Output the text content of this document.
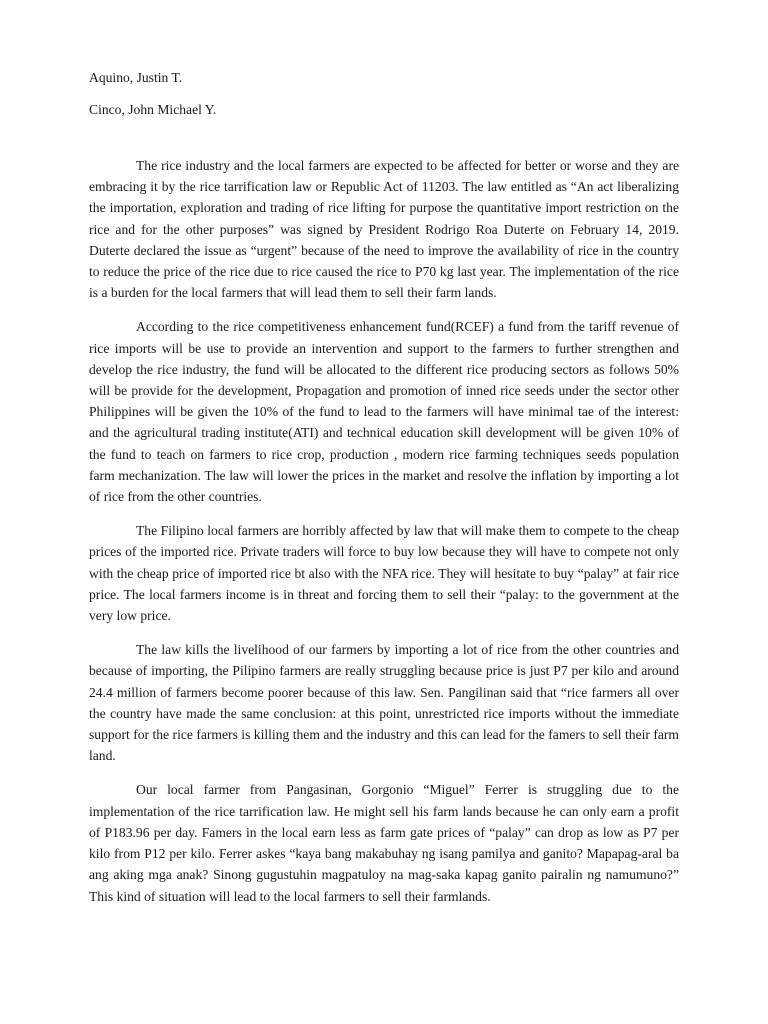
Aquino, Justin T.
Cinco, John Michael Y.

The rice industry and the local farmers are expected to be affected for better or worse and they are embracing it by the rice tarrification law or Republic Act of 11203. The law entitled as “An act liberalizing the importation, exploration and trading of rice lifting for purpose the quantitative import restriction on the rice and for the other purposes” was signed by President Rodrigo Roa Duterte on February 14, 2019. Duterte declared the issue as “urgent” because of the need to improve the availability of rice in the country to reduce the price of the rice due to rice caused the rice to P70 kg last year. The implementation of the rice is a burden for the local farmers that will lead them to sell their farm lands.

According to the rice competitiveness enhancement fund(RCEF) a fund from the tariff revenue of rice imports will be use to provide an intervention and support to the farmers to further strengthen and develop the rice industry, the fund will be allocated to the different rice producing sectors as follows 50% will be provide for the development, Propagation and promotion of inned rice seeds under the sector other Philippines will be given the 10% of the fund to lead to the farmers will have minimal tae of the interest: and the agricultural trading institute(ATI) and technical education skill development will be given 10% of the fund to teach on farmers to rice crop, production , modern rice farming techniques seeds population farm mechanization. The law will lower the prices in the market and resolve the inflation by importing a lot of rice from the other countries.

The Filipino local farmers are horribly affected by law that will make them to compete to the cheap prices of the imported rice. Private traders will force to buy low because they will have to compete not only with the cheap price of imported rice bt also with the NFA rice. They will hesitate to buy “palay” at fair rice price. The local farmers income is in threat and forcing them to sell their “palay: to the government at the very low price.

The law kills the livelihood of our farmers by importing a lot of rice from the other countries and because of importing, the Pilipino farmers are really struggling because price is just P7 per kilo and around 24.4 million of farmers become poorer because of this law. Sen. Pangilinan said that “rice farmers all over the country have made the same conclusion: at this point, unrestricted rice imports without the immediate support for the rice farmers is killing them and the industry and this can lead for the famers to sell their farm land.

Our local farmer from Pangasinan, Gorgonio “Miguel” Ferrer is struggling due to the implementation of the rice tarrification law. He might sell his farm lands because he can only earn a profit of P183.96 per day. Famers in the local earn less as farm gate prices of “palay” can drop as low as P7 per kilo from P12 per kilo. Ferrer askes “kaya bang makabuhay ng isang pamilya and ganito? Mapapag-aral ba ang aking mga anak? Sinong gugustuhin magpatuloy na mag-saka kapag ganito pairalin ng namumuno?” This kind of situation will lead to the local farmers to sell their farmlands.
